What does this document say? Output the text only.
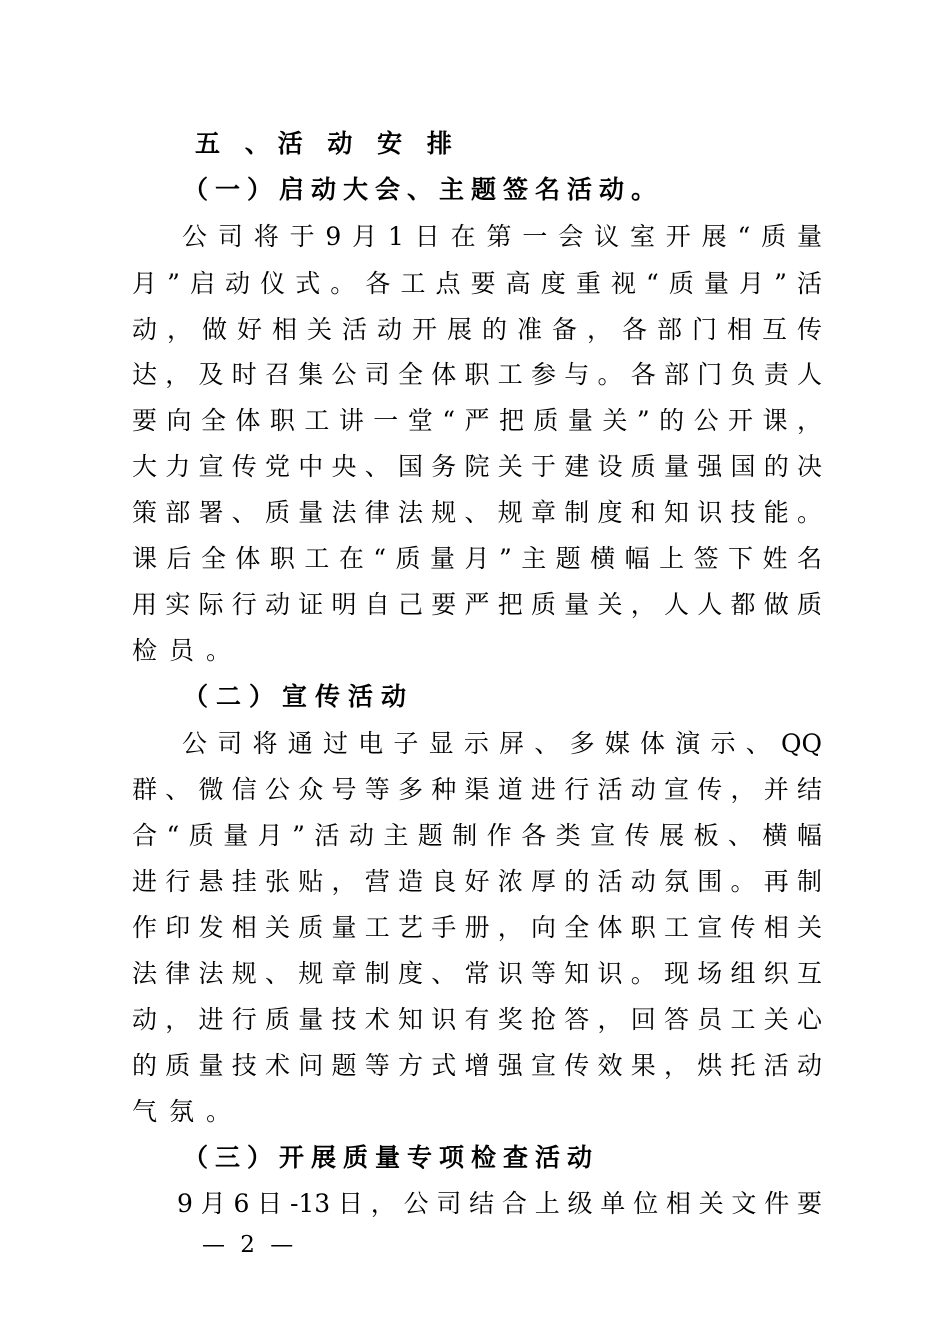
五 、活 动 安 排
（一）启动大会、主题签名活动。
公司将于9月1日在第一会议室开展“质量
月”启动仪式。各工点要高度重视“质量月”活
动，做好相关活动开展的准备，各部门相互传
达，及时召集公司全体职工参与。各部门负责人
要向全体职工讲一堂“严把质量关”的公开课，
大力宣传党中央、国务院关于建设质量强国的决
策部署、质量法律法规、规章制度和知识技能。
课后全体职工在“质量月”主题横幅上签下姓名
用实际行动证明自己要严把质量关，人人都做质
检员。
（二）宣传活动
公司将通过电子显示屏、多媒体演示、QQ
群、微信公众号等多种渠道进行活动宣传，并结
合“质量月”活动主题制作各类宣传展板、横幅
进行悬挂张贴，营造良好浓厚的活动氛围。再制
作印发相关质量工艺手册，向全体职工宣传相关
法律法规、规章制度、常识等知识。现场组织互
动，进行质量技术知识有奖抢答，回答员工关心
的质量技术问题等方式增强宣传效果，烘托活动
气氛。
（三）开展质量专项检查活动
9月6日-13日，公司结合上级单位相关文件要
— 2 —
